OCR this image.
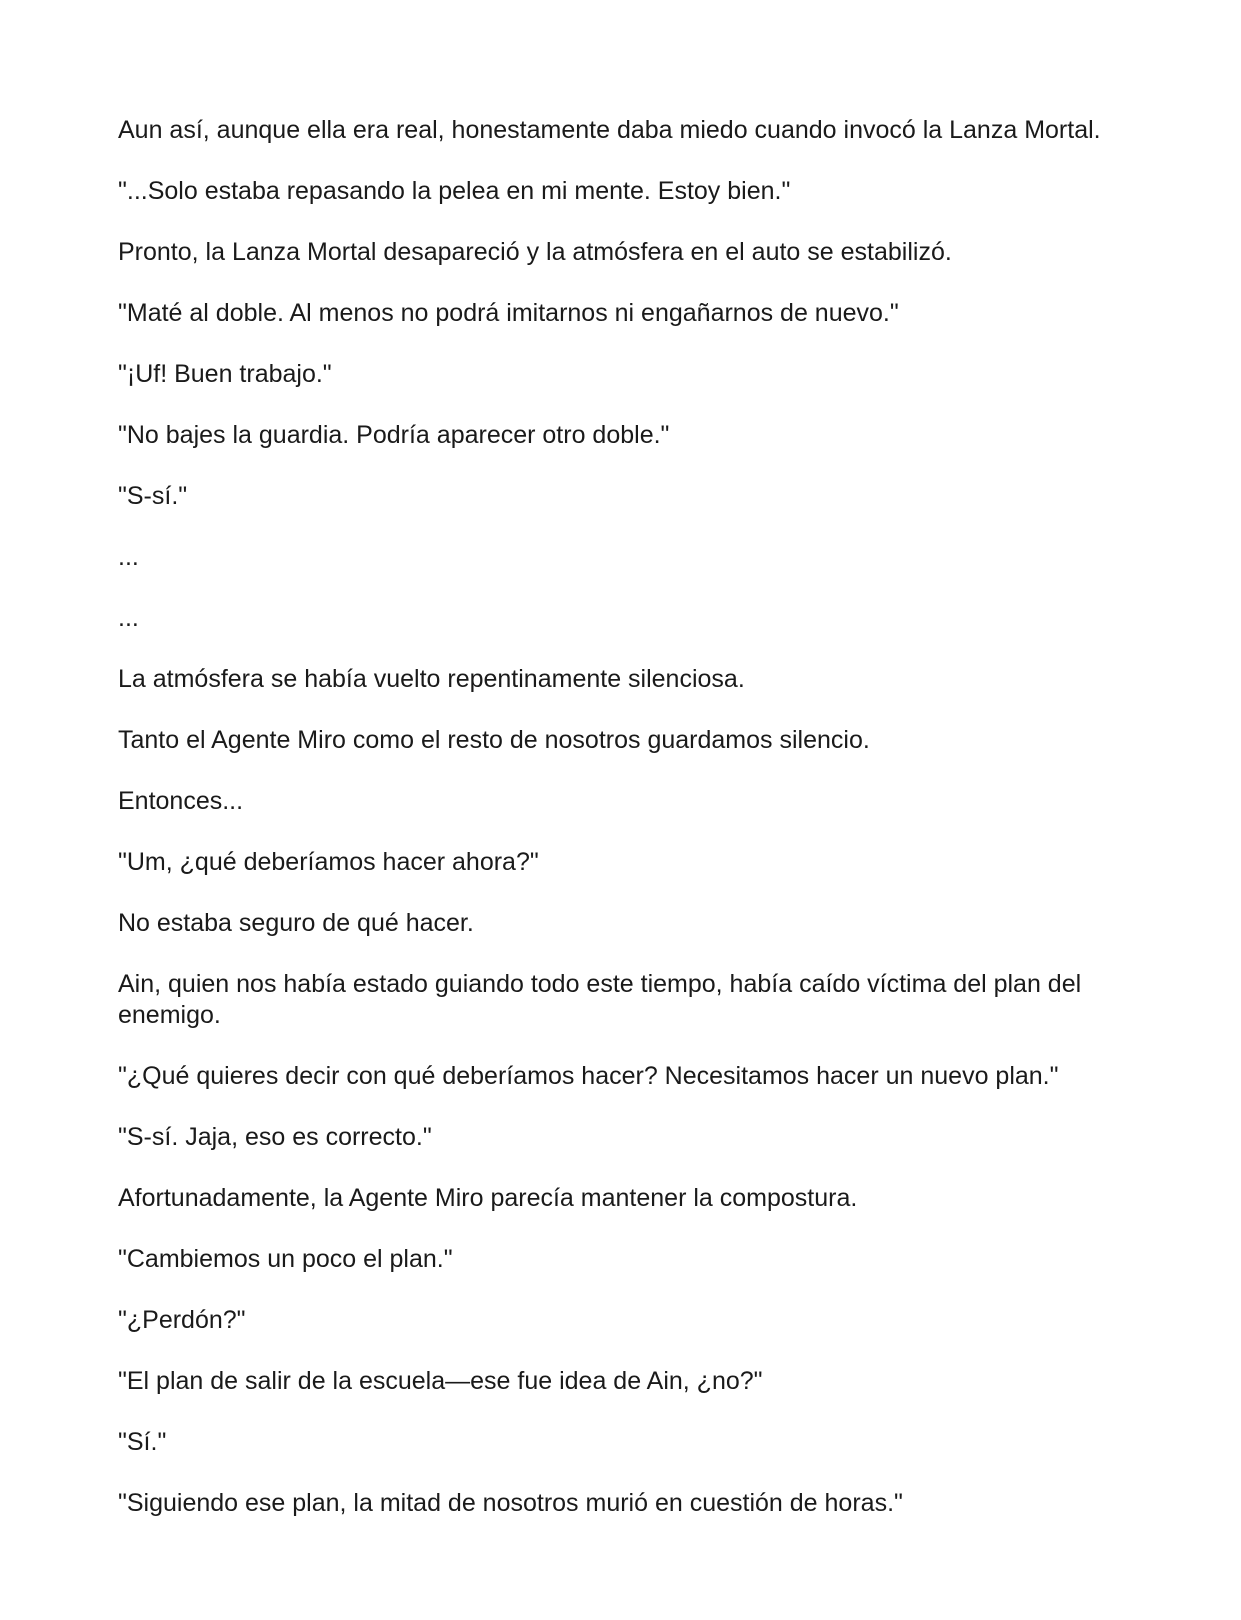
Aun así, aunque ella era real, honestamente daba miedo cuando invocó la Lanza Mortal.

"...Solo estaba repasando la pelea en mi mente. Estoy bien."

Pronto, la Lanza Mortal desapareció y la atmósfera en el auto se estabilizó.

"Maté al doble. Al menos no podrá imitarnos ni engañarnos de nuevo."

"¡Uf! Buen trabajo."

"No bajes la guardia. Podría aparecer otro doble."

"S-sí."

...

...

La atmósfera se había vuelto repentinamente silenciosa.

Tanto el Agente Miro como el resto de nosotros guardamos silencio.

Entonces...

"Um, ¿qué deberíamos hacer ahora?"

No estaba seguro de qué hacer.

Ain, quien nos había estado guiando todo este tiempo, había caído víctima del plan del enemigo.

"¿Qué quieres decir con qué deberíamos hacer? Necesitamos hacer un nuevo plan."

"S-sí. Jaja, eso es correcto."

Afortunadamente, la Agente Miro parecía mantener la compostura.

"Cambiemos un poco el plan."

"¿Perdón?"

"El plan de salir de la escuela—ese fue idea de Ain, ¿no?"

"Sí."

"Siguiendo ese plan, la mitad de nosotros murió en cuestión de horas."
